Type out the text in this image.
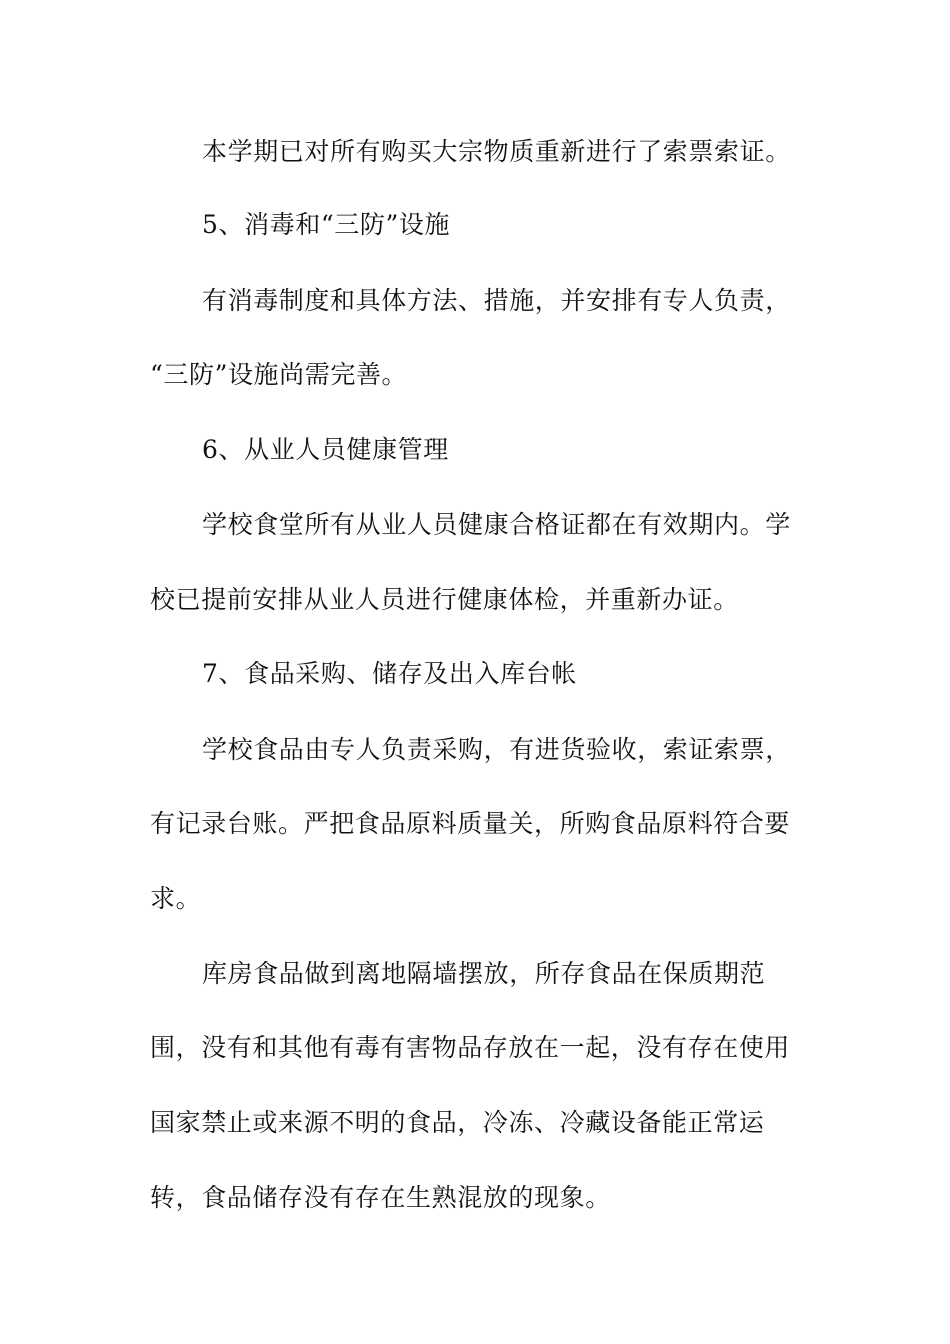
本学期已对所有购买大宗物质重新进行了索票索证。
5、消毒和“三防”设施
有消毒制度和具体方法、措施，并安排有专人负责，
“三防”设施尚需完善。
6、从业人员健康管理
学校食堂所有从业人员健康合格证都在有效期内。学
校已提前安排从业人员进行健康体检，并重新办证。
7、食品采购、储存及出入库台帐
学校食品由专人负责采购，有进货验收，索证索票，
有记录台账。严把食品原料质量关，所购食品原料符合要
求。
库房食品做到离地隔墙摆放，所存食品在保质期范
围，没有和其他有毒有害物品存放在一起，没有存在使用
国家禁止或来源不明的食品，冷冻、冷藏设备能正常运
转，食品储存没有存在生熟混放的现象。
